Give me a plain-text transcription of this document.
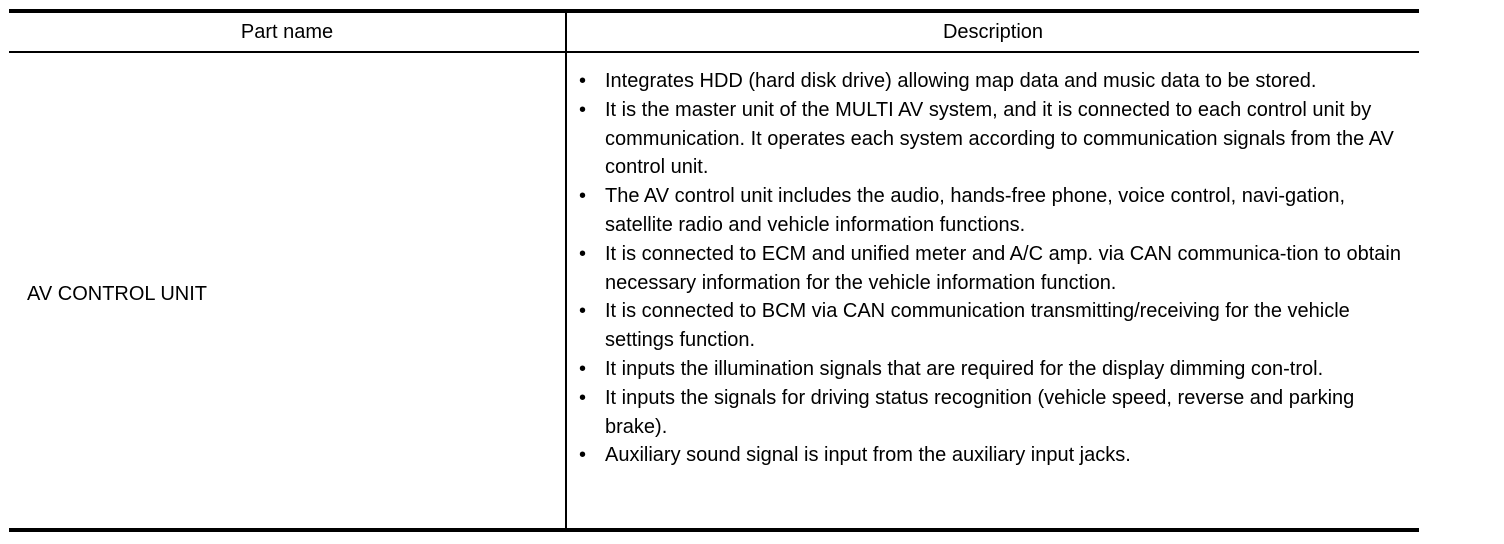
Part name	Description
AV CONTROL UNIT
• Integrates HDD (hard disk drive) allowing map data and music data to be stored.
• It is the master unit of the MULTI AV system, and it is connected to each control unit by communication. It operates each system according to communication signals from the AV control unit.
• The AV control unit includes the audio, hands-free phone, voice control, navi-gation, satellite radio and vehicle information functions.
• It is connected to ECM and unified meter and A/C amp. via CAN communica-tion to obtain necessary information for the vehicle information function.
• It is connected to BCM via CAN communication transmitting/receiving for the vehicle settings function.
• It inputs the illumination signals that are required for the display dimming con-trol.
• It inputs the signals for driving status recognition (vehicle speed, reverse and parking brake).
• Auxiliary sound signal is input from the auxiliary input jacks.
